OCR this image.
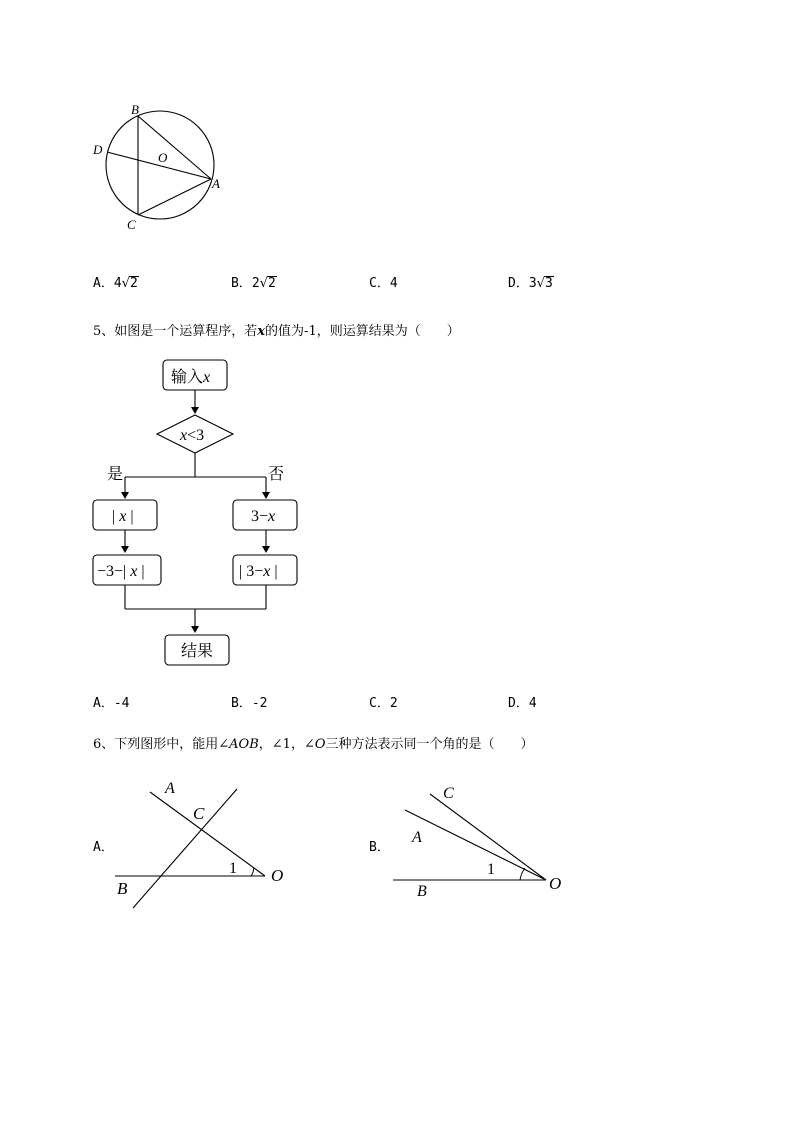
B
D
O
A
C
A．4√2	B．2√2	C．4	D．3√3
5、如图是一个运算程序，若x的值为-1，则运算结果为（　　）
输入x
x<3
是	否
| x |
−3−| x |
3−x
| 3−x |
结果
A．-4	B．-2	C．2	D．4
6、下列图形中，能用∠AOB，∠1，∠O三种方法表示同一个角的是（　　）
A．
A
C
1 O
B
B．
C
A
1
O
B
